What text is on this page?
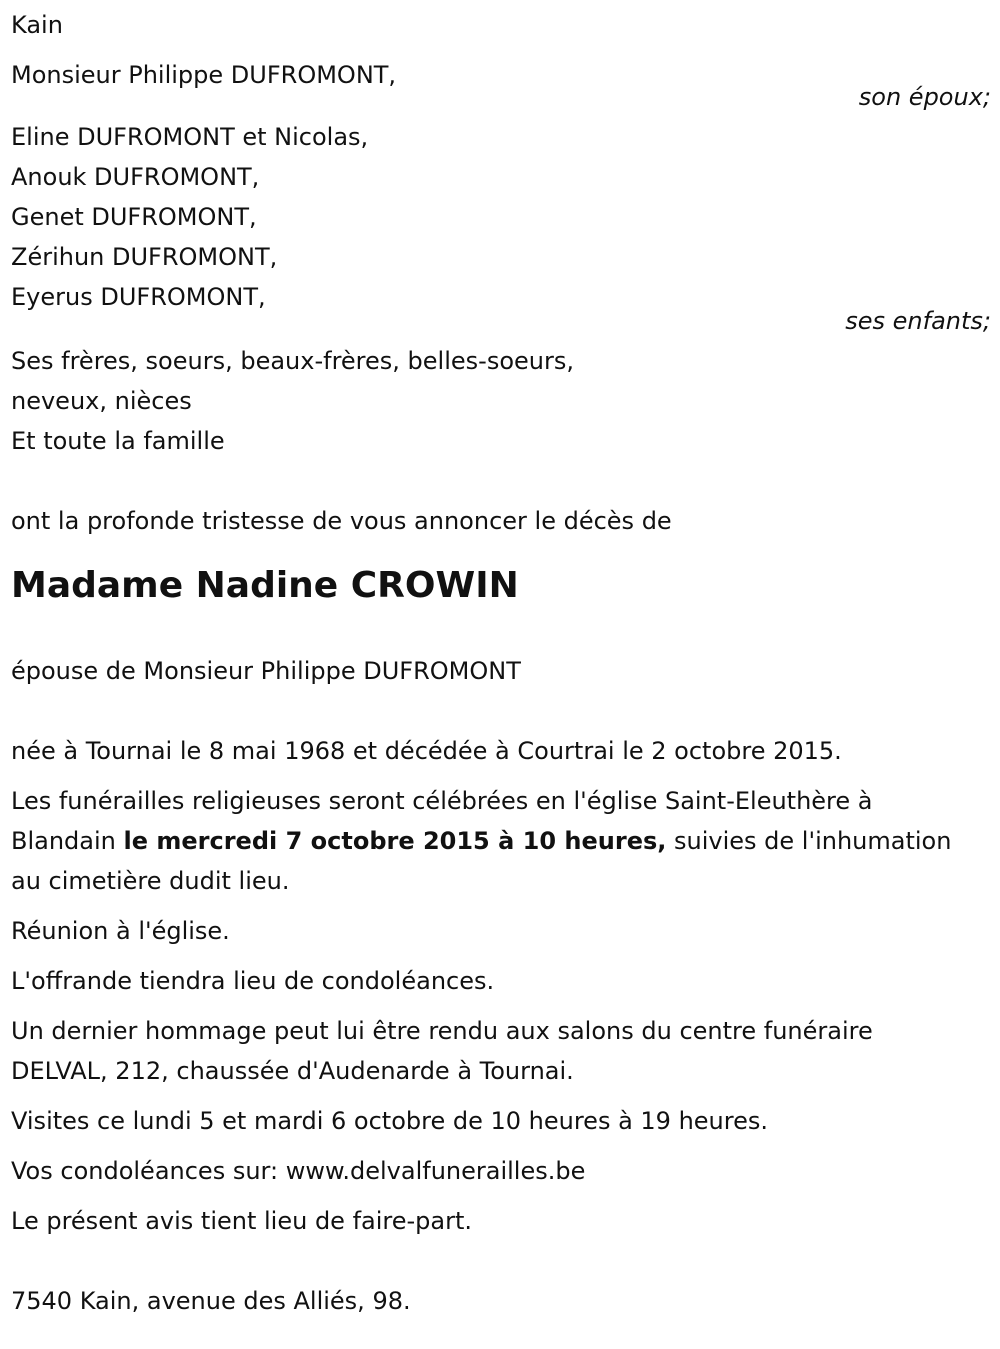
Kain
Monsieur Philippe DUFROMONT,
son époux;
Eline DUFROMONT et Nicolas,
Anouk DUFROMONT,
Genet DUFROMONT,
Zérihun DUFROMONT,
Eyerus DUFROMONT,
ses enfants;
Ses frères, soeurs, beaux-frères, belles-soeurs,
neveux, nièces
Et toute la famille
ont la profonde tristesse de vous annoncer le décès de
Madame Nadine CROWIN
épouse de Monsieur Philippe DUFROMONT
née à Tournai le 8 mai 1968 et décédée à Courtrai le 2 octobre 2015.
Les funérailles religieuses seront célébrées en l'église Saint-Eleuthère à
Blandain le mercredi 7 octobre 2015 à 10 heures, suivies de l'inhumation
au cimetière dudit lieu.
Réunion à l'église.
L'offrande tiendra lieu de condoléances.
Un dernier hommage peut lui être rendu aux salons du centre funéraire
DELVAL, 212, chaussée d'Audenarde à Tournai.
Visites ce lundi 5 et mardi 6 octobre de 10 heures à 19 heures.
Vos condoléances sur: www.delvalfunerailles.be
Le présent avis tient lieu de faire-part.
7540 Kain, avenue des Alliés, 98.
